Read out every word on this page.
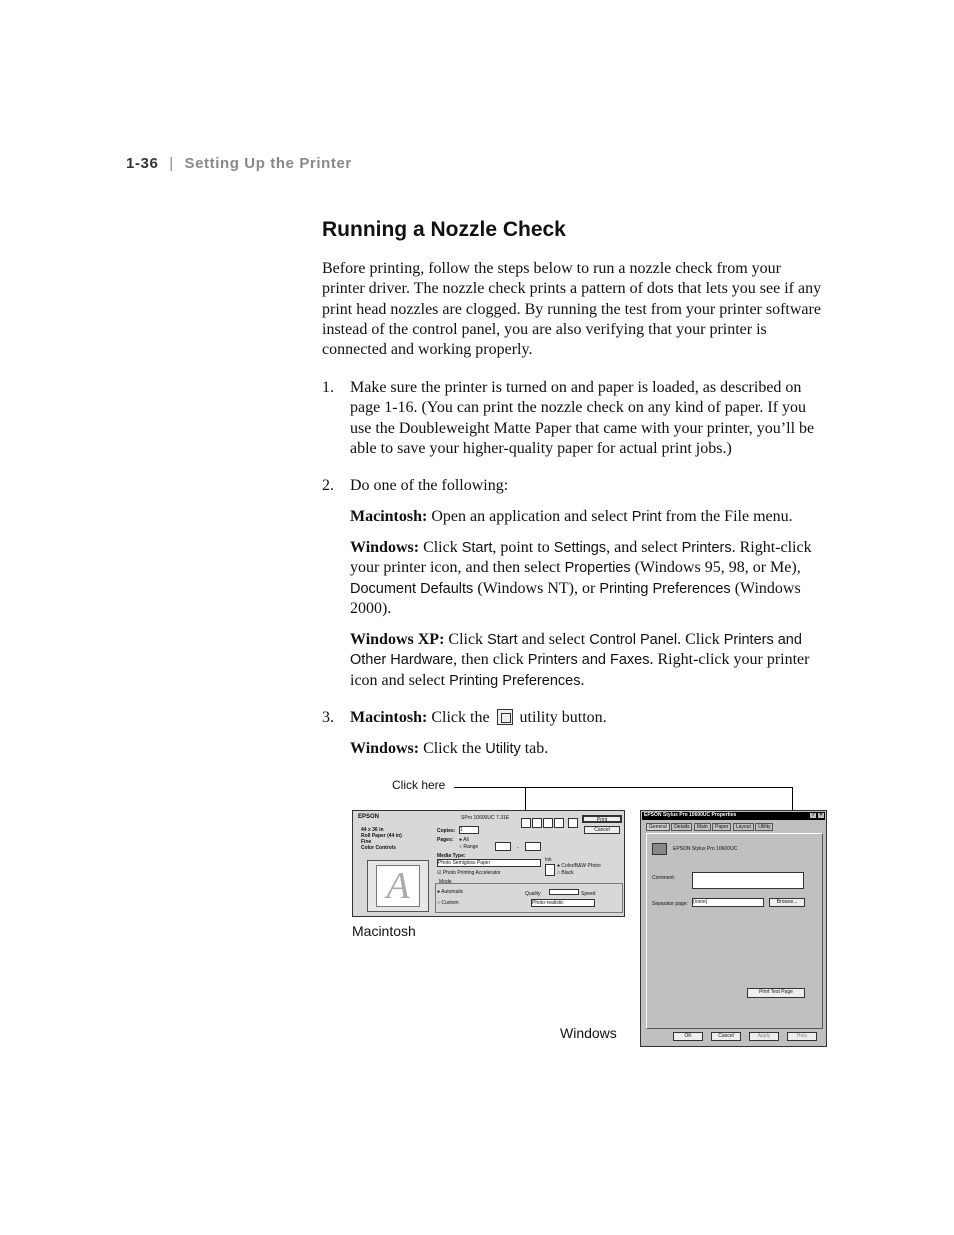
1-36 | Setting Up the Printer
Running a Nozzle Check

Before printing, follow the steps below to run a nozzle check from your printer driver. The nozzle check prints a pattern of dots that lets you see if any print head nozzles are clogged. By running the test from your printer software instead of the control panel, you are also verifying that your printer is connected and working properly.

1. Make sure the printer is turned on and paper is loaded, as described on page 1-16. (You can print the nozzle check on any kind of paper. If you use the Doubleweight Matte Paper that came with your printer, you’ll be able to save your higher-quality paper for actual print jobs.)
2. Do one of the following:
Macintosh: Open an application and select Print from the File menu.
Windows: Click Start, point to Settings, and select Printers. Right-click your printer icon, and then select Properties (Windows 95, 98, or Me), Document Defaults (Windows NT), or Printing Preferences (Windows 2000).
Windows XP: Click Start and select Control Panel. Click Printers and Other Hardware, then click Printers and Faxes. Right-click your printer icon and select Printing Preferences.
3. Macintosh: Click the utility button.
Windows: Click the Utility tab.
Click here
EPSON	SPro 10600UC 7.31E	Print
Cancel
44 x 36 in
Roll Paper (44 in)
Fine
Color Controls
A
Copies: 1
Pages: ● All
○ Range	-
Media Type:
Photo Semigloss Paper
☑ Photo Printing Accelerator
Ink
● Color/B&W Photo
○ Black
Mode
● Automatic
○ Custom
Quality	Speed
Photo-realistic
Macintosh
EPSON Stylus Pro 10600UC Properties	?	×
General Details Main Paper Layout Utility
EPSON Stylus Pro 10600UC
Comment:
Separator page: (none)	Browse...
Print Test Page
OK	Cancel	Apply	Help
Windows
